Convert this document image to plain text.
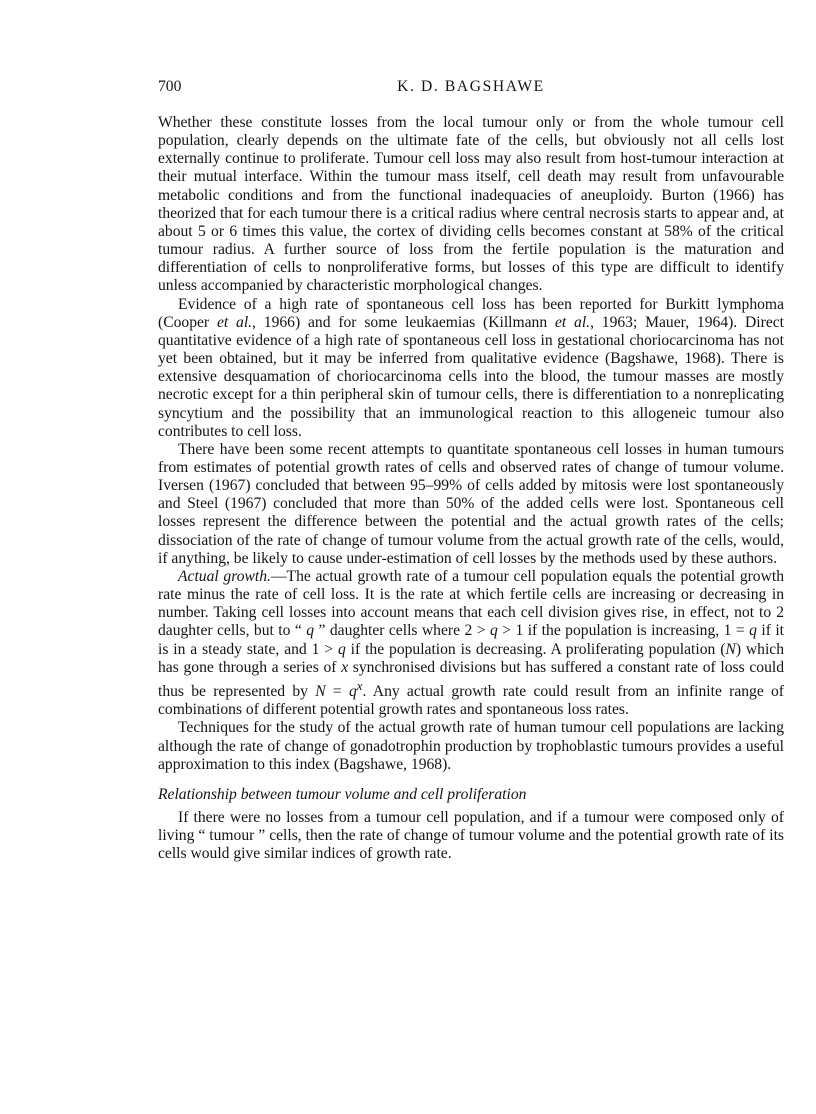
700	K. D. BAGSHAWE

Whether these constitute losses from the local tumour only or from the whole tumour cell population, clearly depends on the ultimate fate of the cells, but obviously not all cells lost externally continue to proliferate. Tumour cell loss may also result from host-tumour interaction at their mutual interface. Within the tumour mass itself, cell death may result from unfavourable metabolic conditions and from the functional inadequacies of aneuploidy. Burton (1966) has theorized that for each tumour there is a critical radius where central necrosis starts to appear and, at about 5 or 6 times this value, the cortex of dividing cells becomes constant at 58% of the critical tumour radius. A further source of loss from the fertile population is the maturation and differentiation of cells to nonproliferative forms, but losses of this type are difficult to identify unless accompanied by characteristic morphological changes.

Evidence of a high rate of spontaneous cell loss has been reported for Burkitt lymphoma (Cooper et al., 1966) and for some leukaemias (Killmann et al., 1963; Mauer, 1964). Direct quantitative evidence of a high rate of spontaneous cell loss in gestational choriocarcinoma has not yet been obtained, but it may be inferred from qualitative evidence (Bagshawe, 1968). There is extensive desquamation of choriocarcinoma cells into the blood, the tumour masses are mostly necrotic except for a thin peripheral skin of tumour cells, there is differentiation to a nonreplicating syncytium and the possibility that an immunological reaction to this allogeneic tumour also contributes to cell loss.

There have been some recent attempts to quantitate spontaneous cell losses in human tumours from estimates of potential growth rates of cells and observed rates of change of tumour volume. Iversen (1967) concluded that between 95–99% of cells added by mitosis were lost spontaneously and Steel (1967) concluded that more than 50% of the added cells were lost. Spontaneous cell losses represent the difference between the potential and the actual growth rates of the cells; dissociation of the rate of change of tumour volume from the actual growth rate of the cells, would, if anything, be likely to cause under-estimation of cell losses by the methods used by these authors.

Actual growth.—The actual growth rate of a tumour cell population equals the potential growth rate minus the rate of cell loss. It is the rate at which fertile cells are increasing or decreasing in number. Taking cell losses into account means that each cell division gives rise, in effect, not to 2 daughter cells, but to “ q ” daughter cells where 2 > q > 1 if the population is increasing, 1 = q if it is in a steady state, and 1 > q if the population is decreasing. A proliferating population (N) which has gone through a series of x synchronised divisions but has suffered a constant rate of loss could thus be represented by $N = q^x$. Any actual growth rate could result from an infinite range of combinations of different potential growth rates and spontaneous loss rates.

Techniques for the study of the actual growth rate of human tumour cell populations are lacking although the rate of change of gonadotrophin production by trophoblastic tumours provides a useful approximation to this index (Bagshawe, 1968).

Relationship between tumour volume and cell proliferation

If there were no losses from a tumour cell population, and if a tumour were composed only of living “ tumour ” cells, then the rate of change of tumour volume and the potential growth rate of its cells would give similar indices of growth rate.
